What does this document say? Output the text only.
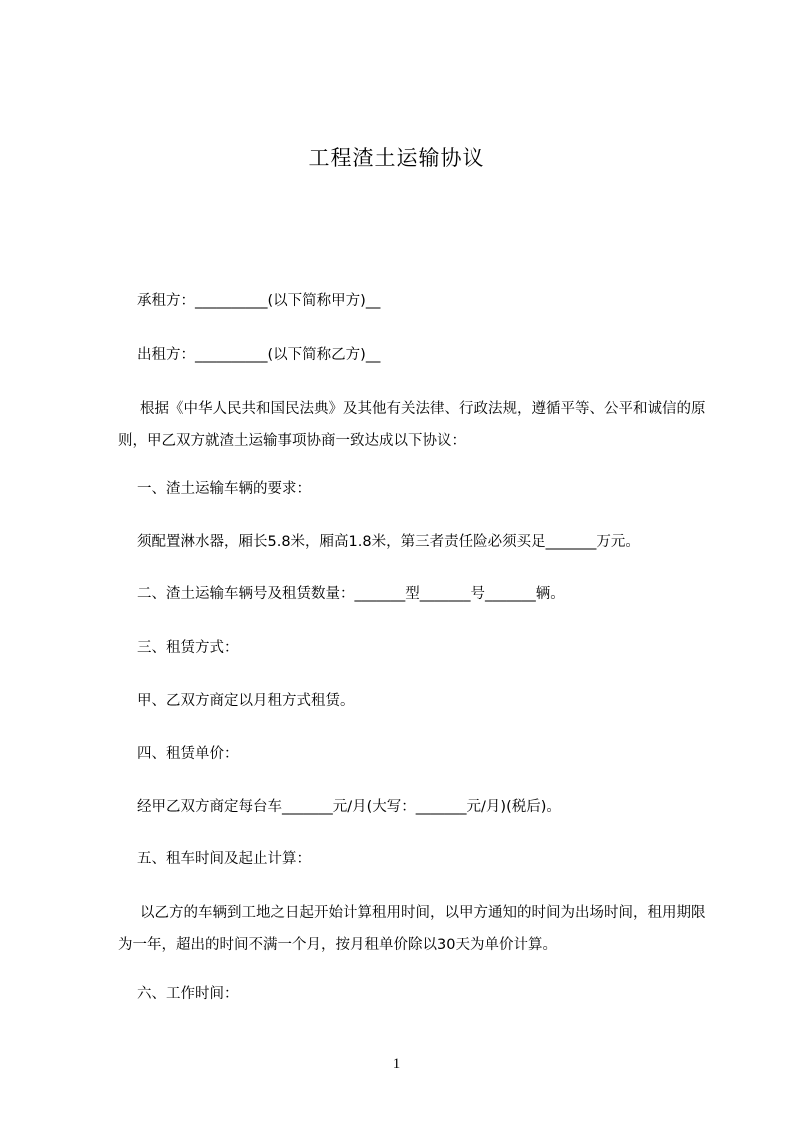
工程渣土运输协议
承租方：__________(以下简称甲方)__
出租方：__________(以下简称乙方)__
根据《中华人民共和国民法典》及其他有关法律、行政法规，遵循平等、公平和诚信的原则，甲乙双方就渣土运输事项协商一致达成以下协议：
一、渣土运输车辆的要求：
须配置淋水器，厢长5.8米，厢高1.8米，第三者责任险必须买足_______万元。
二、渣土运输车辆号及租赁数量：_______型_______号_______辆。
三、租赁方式：
甲、乙双方商定以月租方式租赁。
四、租赁单价：
经甲乙双方商定每台车_______元/月(大写：_______元/月)(税后)。
五、租车时间及起止计算：
以乙方的车辆到工地之日起开始计算租用时间，以甲方通知的时间为出场时间，租用期限为一年，超出的时间不满一个月，按月租单价除以30天为单价计算。
六、工作时间：
1
